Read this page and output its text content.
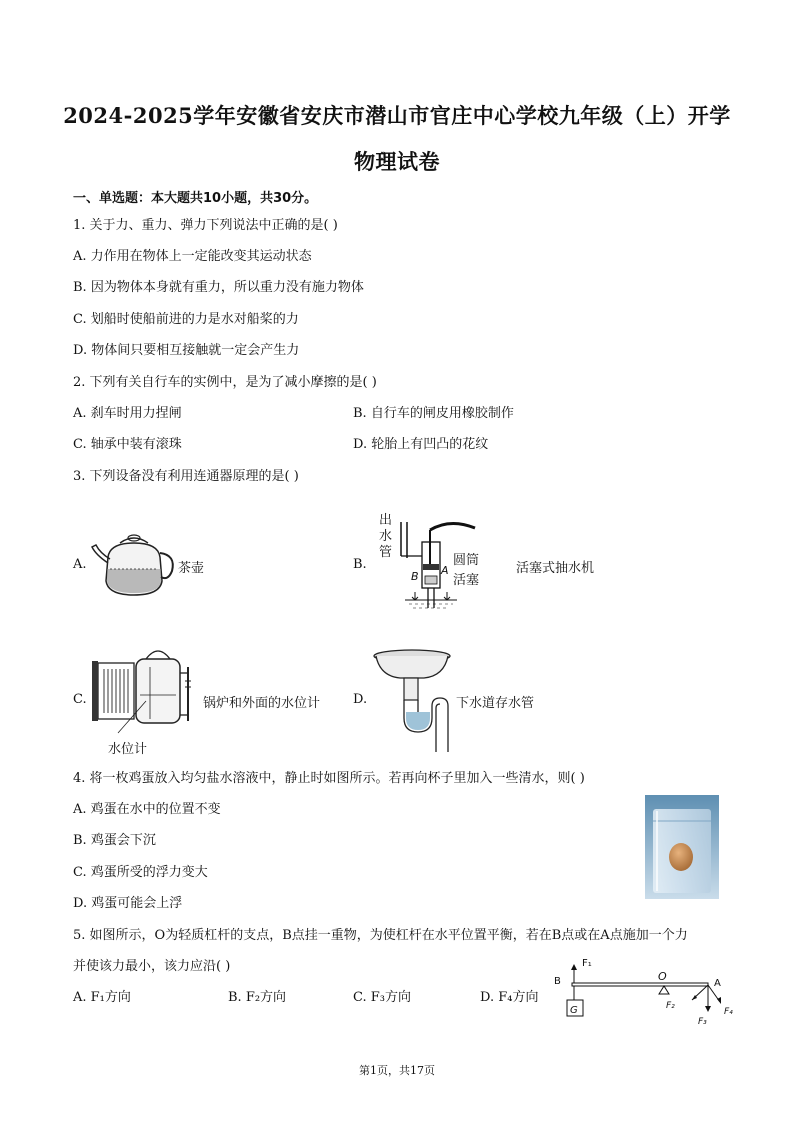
2024-2025学年安徽省安庆市潜山市官庄中心学校九年级（上）开学
物理试卷
一、单选题：本大题共10小题，共30分。
1. 关于力、重力、弹力下列说法中正确的是( )
A. 力作用在物体上一定能改变其运动状态
B. 因为物体本身就有重力，所以重力没有施力物体
C. 划船时使船前进的力是水对船桨的力
D. 物体间只要相互接触就一定会产生力
2. 下列有关自行车的实例中，是为了减小摩擦的是( )
A. 刹车时用力捏闸	B. 自行车的闸皮用橡胶制作
C. 轴承中装有滚珠	D. 轮胎上有凹凸的花纹
3. 下列设备没有利用连通器原理的是( )
A.	茶壶	B.
出
水
管
圆筒
活塞
B A	活塞式抽水机
C.
水位计
锅炉和外面的水位计	D.	下水道存水管
4. 将一枚鸡蛋放入均匀盐水溶液中，静止时如图所示。若再向杯子里加入一些清水，则( )
A. 鸡蛋在水中的位置不变
B. 鸡蛋会下沉
C. 鸡蛋所受的浮力变大
D. 鸡蛋可能会上浮
5. 如图所示，O为轻质杠杆的支点，B点挂一重物，为使杠杆在水平位置平衡，若在B点或在A点施加一个力
并使该力最小，该力应沿( )
A. F₁方向	B. F₂方向	C. F₃方向	D. F₄方向
B
F₁
O
A
F₂
F₃
F₄
G
第1页，共17页
